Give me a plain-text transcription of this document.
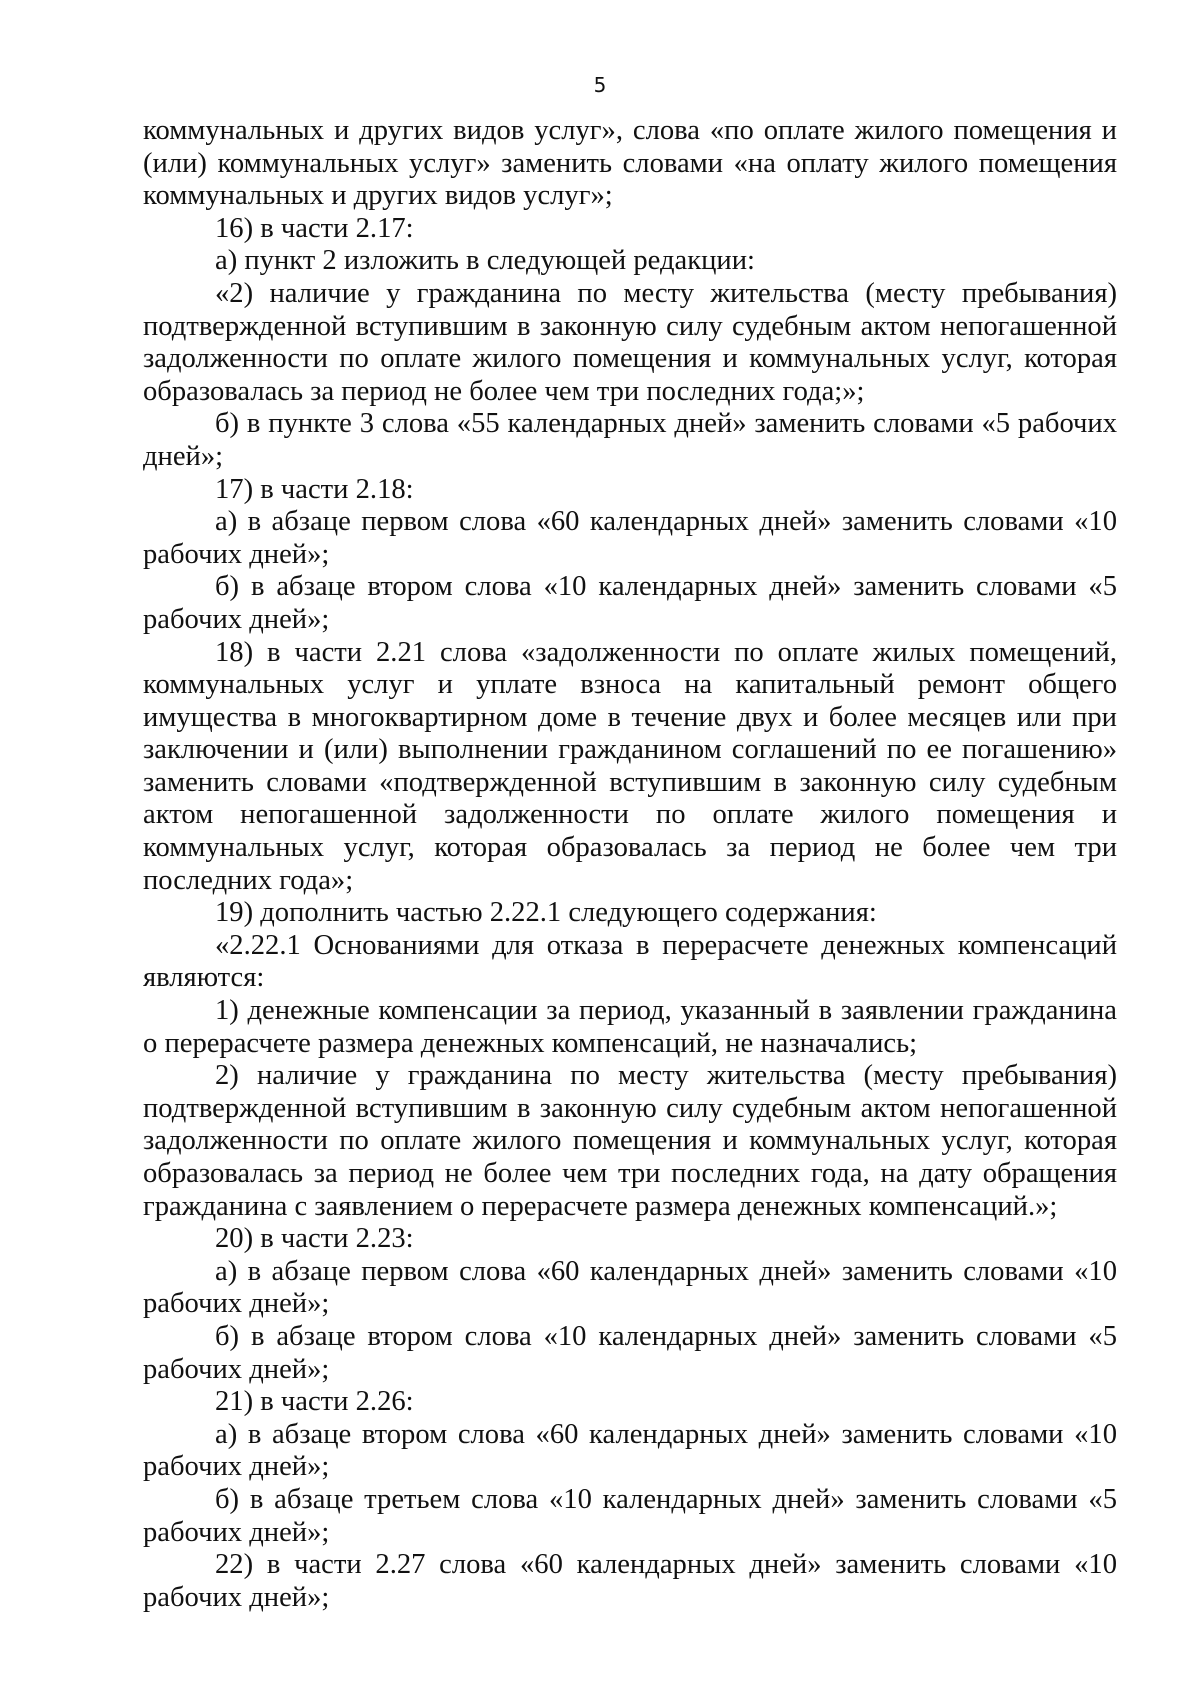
5

коммунальных и других видов услуг», слова «по оплате жилого помещения и (или) коммунальных услуг» заменить словами «на оплату жилого помещения коммунальных и других видов услуг»;

16) в части 2.17:

а) пункт 2 изложить в следующей редакции:

«2) наличие у гражданина по месту жительства (месту пребывания) подтвержденной вступившим в законную силу судебным актом непогашенной задолженности по оплате жилого помещения и коммунальных услуг, которая образовалась за период не более чем три последних года;»;

б) в пункте 3 слова «55 календарных дней» заменить словами «5 рабочих дней»;

17) в части 2.18:

а) в абзаце первом слова «60 календарных дней» заменить словами «10 рабочих дней»;

б) в абзаце втором слова «10 календарных дней» заменить словами «5 рабочих дней»;

18) в части 2.21 слова «задолженности по оплате жилых помещений, коммунальных услуг и уплате взноса на капитальный ремонт общего имущества в многоквартирном доме в течение двух и более месяцев или при заключении и (или) выполнении гражданином соглашений по ее погашению» заменить словами «подтвержденной вступившим в законную силу судебным актом непогашенной задолженности по оплате жилого помещения и коммунальных услуг, которая образовалась за период не более чем три последних года»;

19) дополнить частью 2.22.1 следующего содержания:

«2.22.1 Основаниями для отказа в перерасчете денежных компенсаций являются:

1) денежные компенсации за период, указанный в заявлении гражданина о перерасчете размера денежных компенсаций, не назначались;

2) наличие у гражданина по месту жительства (месту пребывания) подтвержденной вступившим в законную силу судебным актом непогашенной задолженности по оплате жилого помещения и коммунальных услуг, которая образовалась за период не более чем три последних года, на дату обращения гражданина с заявлением о перерасчете размера денежных компенсаций.»;

20) в части 2.23:

а) в абзаце первом слова «60 календарных дней» заменить словами «10 рабочих дней»;

б) в абзаце втором слова «10 календарных дней» заменить словами «5 рабочих дней»;

21) в части 2.26:

а) в абзаце втором слова «60 календарных дней» заменить словами «10 рабочих дней»;

б) в абзаце третьем слова «10 календарных дней» заменить словами «5 рабочих дней»;

22) в части 2.27 слова «60 календарных дней» заменить словами «10 рабочих дней»;
